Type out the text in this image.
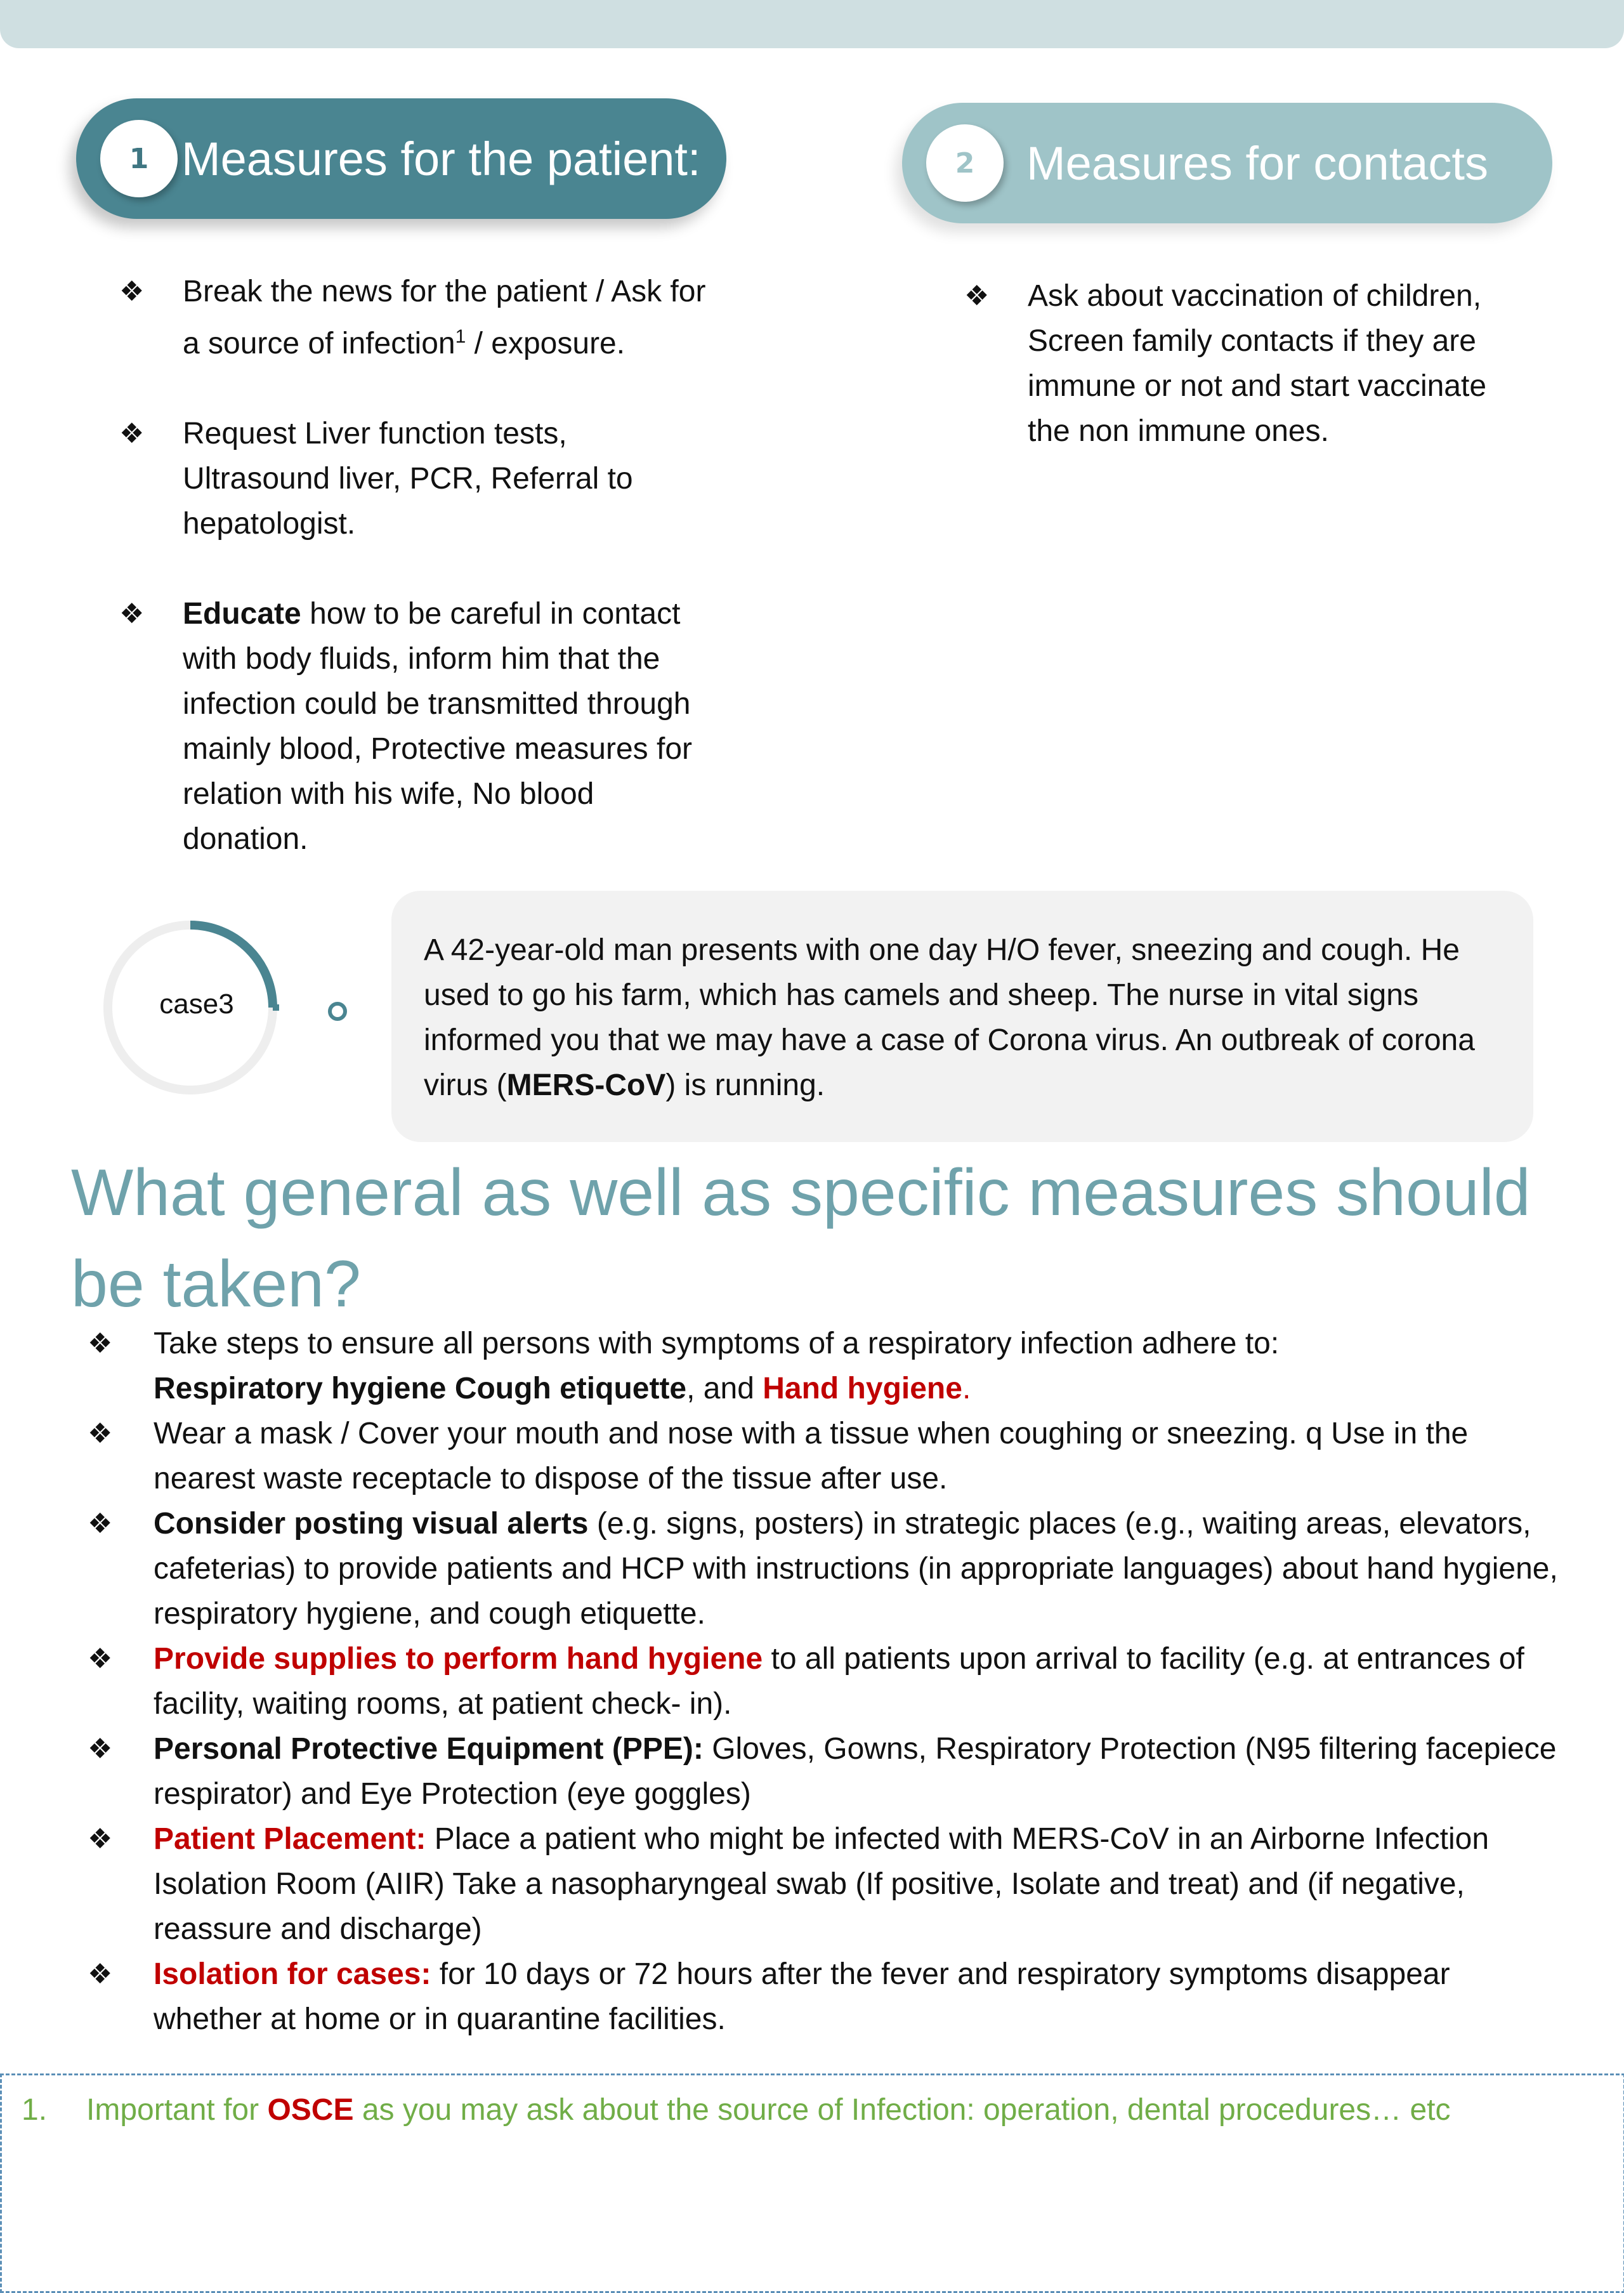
1 Measures for the patient:	2	Measures for contacts
❖ Break the news for the patient / Ask for a source of infection$^1$ / exposure.
❖ Request Liver function tests, Ultrasound liver, PCR, Referral to hepatologist.
❖ Educate how to be careful in contact with body fluids, inform him that the infection could be transmitted through mainly blood, Protective measures for relation with his wife, No blood donation.
❖ Ask about vaccination of children, Screen family contacts if they are immune or not and start vaccinate the non immune ones.
case3
A 42-year-old man presents with one day H/O fever, sneezing and cough. He used to go his farm, which has camels and sheep. The nurse in vital signs informed you that we may have a case of Corona virus. An outbreak of corona virus (MERS-CoV) is running.
What general as well as specific measures should be taken?
❖ Take steps to ensure all persons with symptoms of a respiratory infection adhere to:
Respiratory hygiene Cough etiquette, and Hand hygiene.
❖ Wear a mask / Cover your mouth and nose with a tissue when coughing or sneezing. q Use in the nearest waste receptacle to dispose of the tissue after use.
❖ Consider posting visual alerts (e.g. signs, posters) in strategic places (e.g., waiting areas, elevators, cafeterias) to provide patients and HCP with instructions (in appropriate languages) about hand hygiene, respiratory hygiene, and cough etiquette.
❖ Provide supplies to perform hand hygiene to all patients upon arrival to facility (e.g. at entrances of facility, waiting rooms, at patient check- in).
❖ Personal Protective Equipment (PPE): Gloves, Gowns, Respiratory Protection (N95 filtering facepiece respirator) and Eye Protection (eye goggles)
❖ Patient Placement: Place a patient who might be infected with MERS-CoV in an Airborne Infection Isolation Room (AIIR) Take a nasopharyngeal swab (If positive, Isolate and treat) and (if negative, reassure and discharge)
❖ Isolation for cases: for 10 days or 72 hours after the fever and respiratory symptoms disappear whether at home or in quarantine facilities.
1. Important for OSCE as you may ask about the source of Infection: operation, dental procedures… etc
